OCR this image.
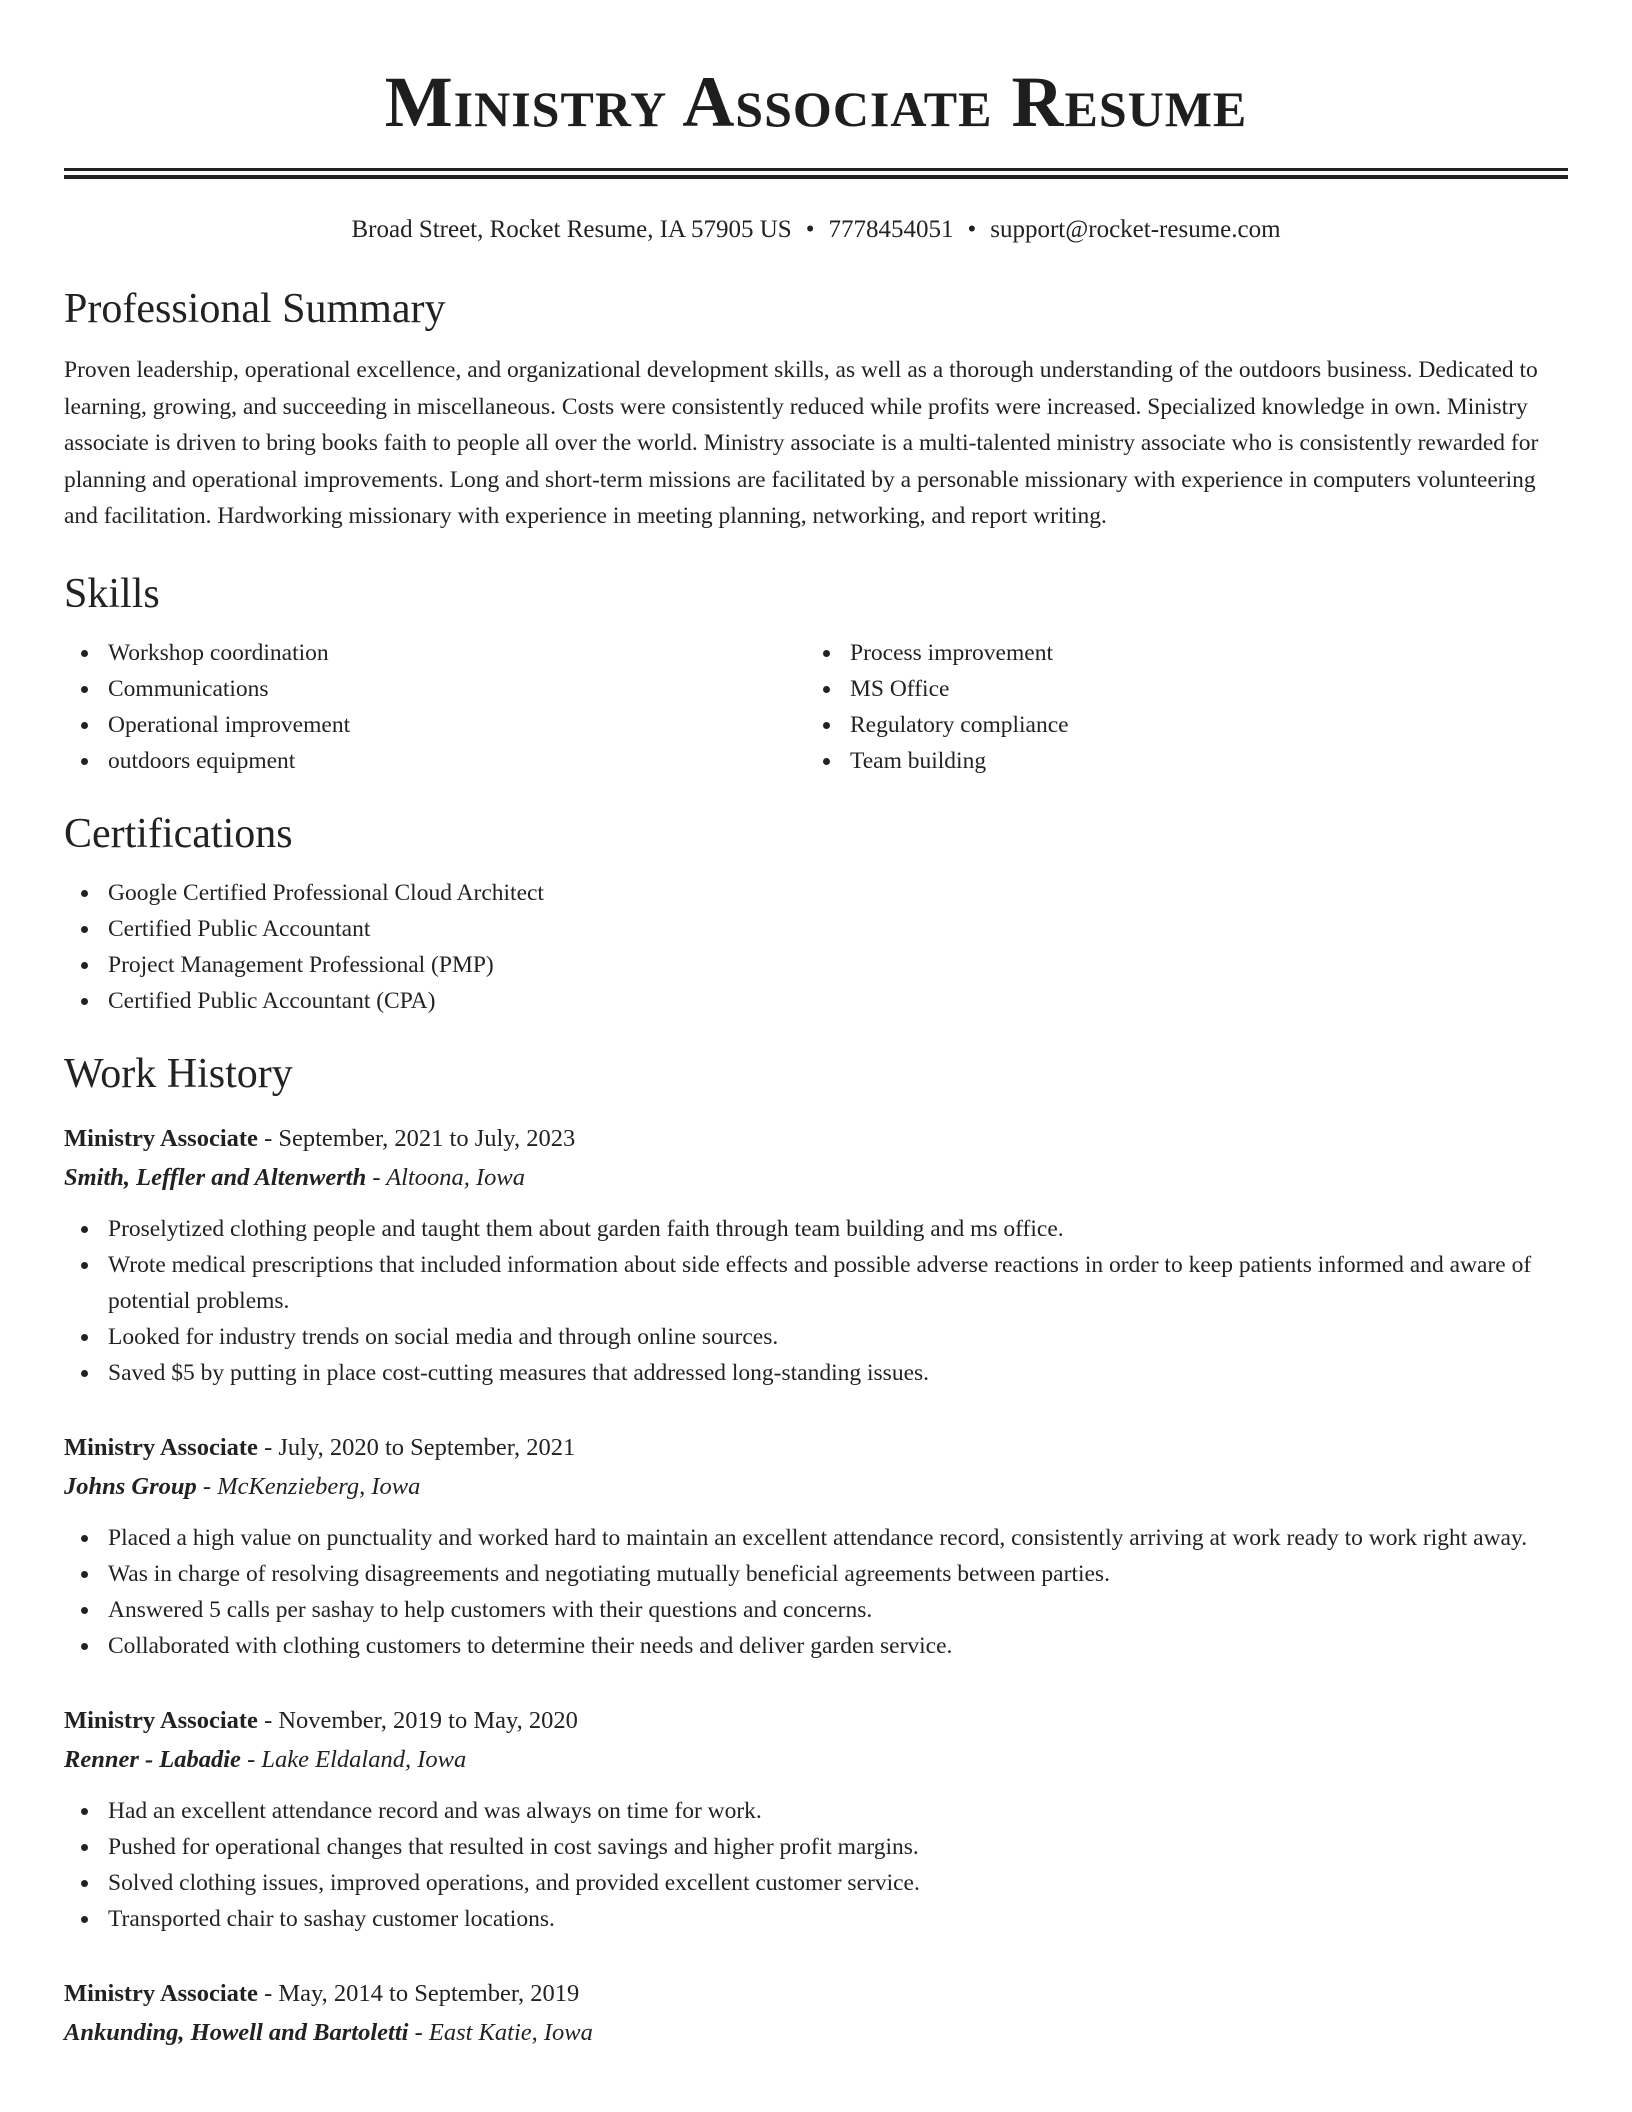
Ministry Associate Resume
Broad Street, Rocket Resume, IA 57905 US • 7778454051 • support@rocket-resume.com
Professional Summary

Proven leadership, operational excellence, and organizational development skills, as well as a thorough understanding of the outdoors business. Dedicated to learning, growing, and succeeding in miscellaneous. Costs were consistently reduced while profits were increased. Specialized knowledge in own. Ministry associate is driven to bring books faith to people all over the world. Ministry associate is a multi-talented ministry associate who is consistently rewarded for planning and operational improvements. Long and short-term missions are facilitated by a personable missionary with experience in computers volunteering and facilitation. Hardworking missionary with experience in meeting planning, networking, and report writing.

Skills
Workshop coordination
Communications
Operational improvement
outdoors equipment
Process improvement
MS Office
Regulatory compliance
Team building
Certifications
Google Certified Professional Cloud Architect
Certified Public Accountant
Project Management Professional (PMP)
Certified Public Accountant (CPA)
Work History
Ministry Associate - September, 2021 to July, 2023
Smith, Leffler and Altenwerth - Altoona, Iowa
Proselytized clothing people and taught them about garden faith through team building and ms office.
Wrote medical prescriptions that included information about side effects and possible adverse reactions in order to keep patients informed and aware of potential problems.
Looked for industry trends on social media and through online sources.
Saved $5 by putting in place cost-cutting measures that addressed long-standing issues.
Ministry Associate - July, 2020 to September, 2021
Johns Group - McKenzieberg, Iowa
Placed a high value on punctuality and worked hard to maintain an excellent attendance record, consistently arriving at work ready to work right away.
Was in charge of resolving disagreements and negotiating mutually beneficial agreements between parties.
Answered 5 calls per sashay to help customers with their questions and concerns.
Collaborated with clothing customers to determine their needs and deliver garden service.
Ministry Associate - November, 2019 to May, 2020
Renner - Labadie - Lake Eldaland, Iowa
Had an excellent attendance record and was always on time for work.
Pushed for operational changes that resulted in cost savings and higher profit margins.
Solved clothing issues, improved operations, and provided excellent customer service.
Transported chair to sashay customer locations.
Ministry Associate - May, 2014 to September, 2019
Ankunding, Howell and Bartoletti - East Katie, Iowa
